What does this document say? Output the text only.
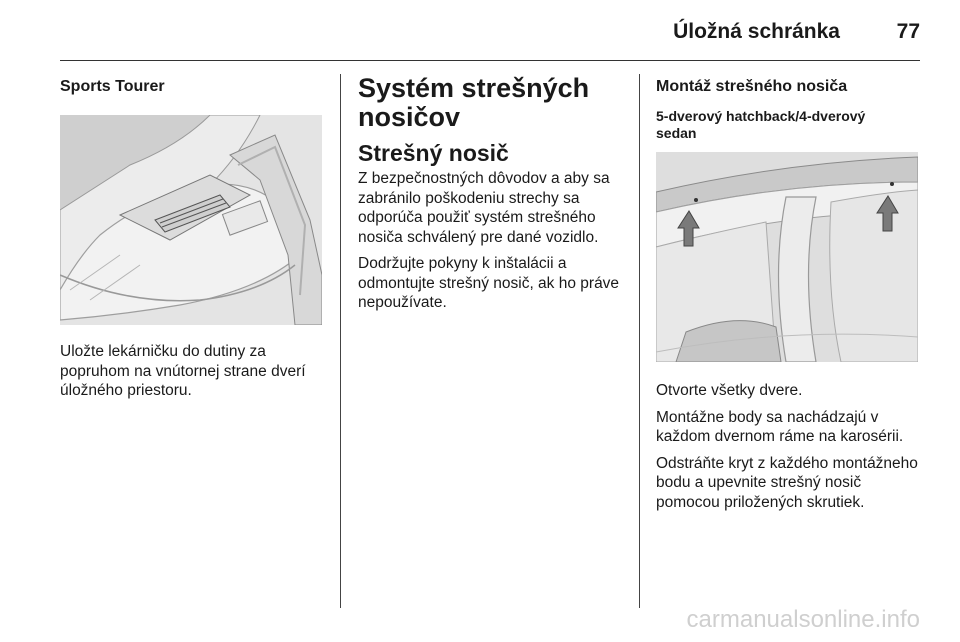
Úložná schránka	77
Sports Tourer

Uložte lekárničku do dutiny za popruhom na vnútornej strane dverí úložného priestoru.

Systém strešných nosičov
Strešný nosič

Z bezpečnostných dôvodov a aby sa zabránilo poškodeniu strechy sa odporúča použiť systém strešného nosiča schválený pre dané vozidlo.

Dodržujte pokyny k inštalácii a odmontujte strešný nosič, ak ho práve nepoužívate.

Montáž strešného nosiča
5-dverový hatchback/4-dverový sedan

Otvorte všetky dvere.

Montážne body sa nachádzajú v každom dvernom ráme na karosérii.

Odstráňte kryt z každého montážneho bodu a upevnite strešný nosič pomocou priložených skrutiek.

carmanualsonline.info
